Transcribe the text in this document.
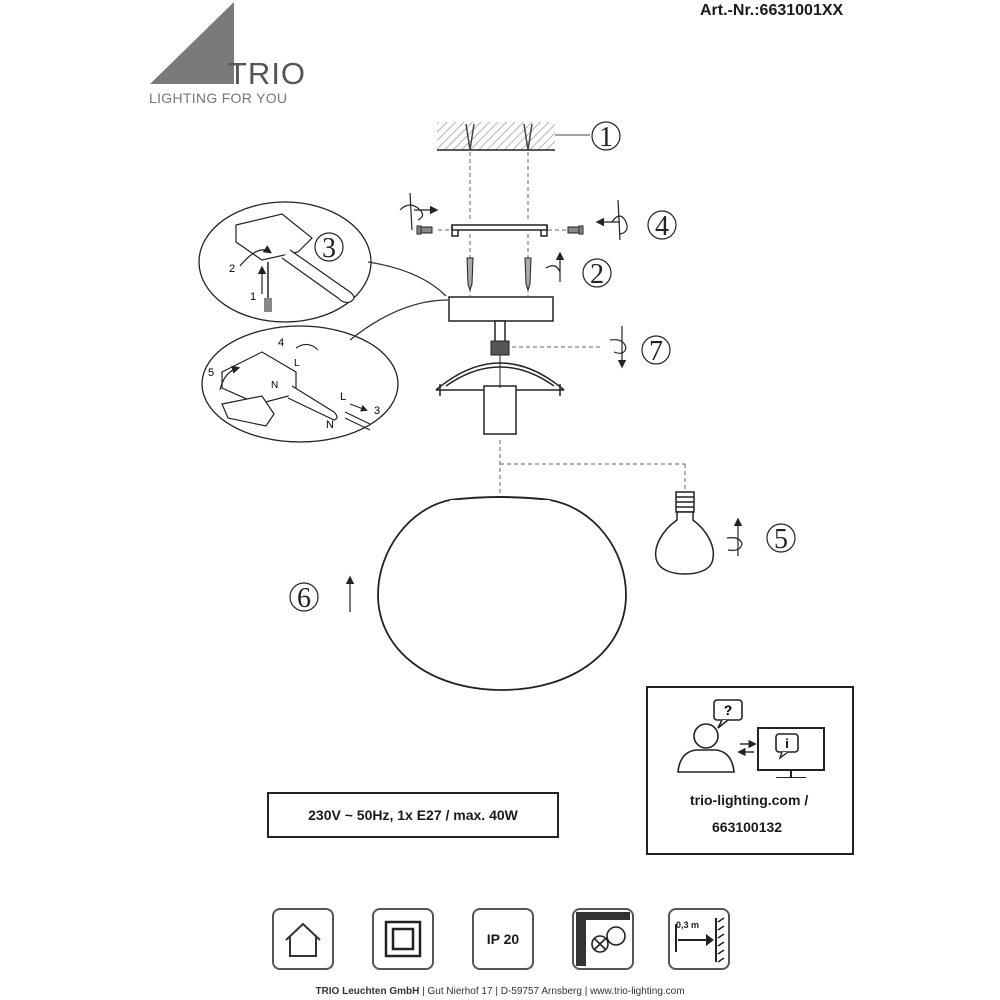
Art.-Nr.:6631001XX
TRIO
LIGHTING FOR YOU
1
4
2
7
5
6
2
1
3
4
5
L
N
L
N
3
230V ~ 50Hz, 1x E27 / max. 40W
?
i
trio-lighting.com /
663100132
IP 20
0,3 m
TRIO Leuchten GmbH | Gut Nierhof 17 | D-59757 Arnsberg | www.trio-lighting.com
